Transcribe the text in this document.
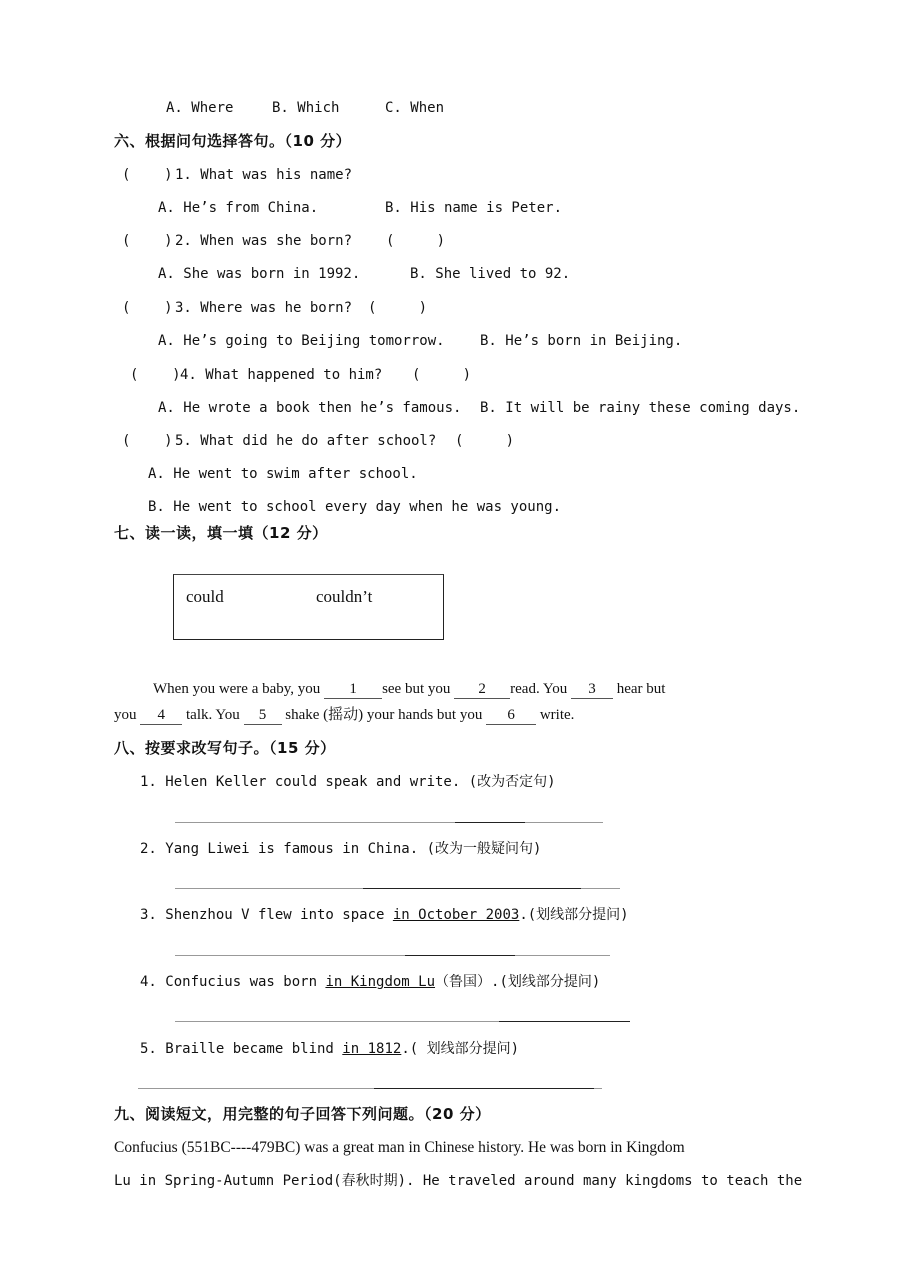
A. Where	B. Which	C. When
六、根据问句选择答句。（10 分）
(    ) 1. What was his name?
A. He’s from China.	B. His name is Peter.
(    ) 2. When was she born? (     )
A. She was born in 1992.	B. She lived to 92.
(    ) 3. Where was he born? (     )
A. He’s going to Beijing tomorrow.	B. He’s born in Beijing.
(    ) 4. What happened to him? (     )
A. He wrote a book then he’s famous. B. It will be rainy these coming days.
(    ) 5. What did he do after school? (     )
A. He went to swim after school.
B. He went to school every day when he was young.
七、读一读，填一填（12 分）
could	couldn’t
When you were a baby, you 1 see but you 2 read. You 3 hear but
you 4 talk. You 5 shake (摇动) your hands but you 6 write.
八、按要求改写句子。（15 分）
1. Helen Keller could speak and write. (改为否定句)
2. Yang Liwei is famous in China. (改为一般疑问句)
3. Shenzhou V flew into space in October 2003.(划线部分提问)
4. Confucius was born in Kingdom Lu（鲁国）.(划线部分提问)
5. Braille became blind in 1812.( 划线部分提问)
九、阅读短文，用完整的句子回答下列问题。（20 分）
Confucius (551BC----479BC) was a great man in Chinese history. He was born in Kingdom
Lu in Spring-Autumn Period(春秋时期). He traveled around many kingdoms to teach the
